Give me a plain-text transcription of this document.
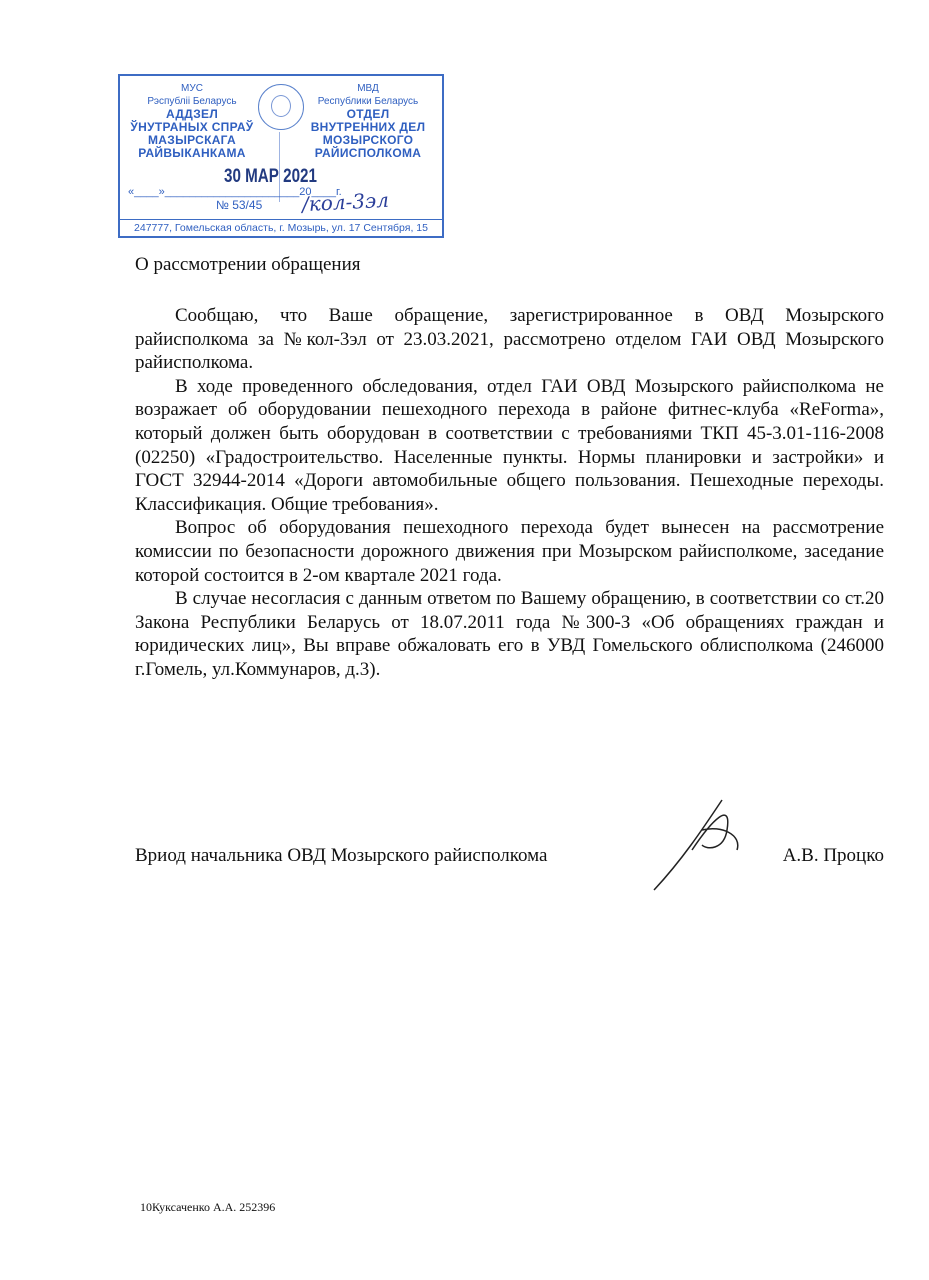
МУС
Рэспубліі Беларусь
АДДЗЕЛ
ЎНУТРАНЫХ СПРАЎ
МАЗЫРСКАГА
РАЙВЫКАНКАМА
МВД
Республики Беларусь
ОТДЕЛ
ВНУТРЕННИХ ДЕЛ
МОЗЫРСКОГО
РАЙИСПОЛКОМА
30 МАР 2021
«____»______________________20____г.
№ 53/45 /кол-3эл
247777, Гомельская область, г. Мозырь, ул. 17 Сентября, 15
О рассмотрении обращения

Сообщаю, что Ваше обращение, зарегистрированное в ОВД Мозырского райисполкома за №кол-3эл от 23.03.2021, рассмотрено отделом ГАИ ОВД Мозырского райисполкома.

В ходе проведенного обследования, отдел ГАИ ОВД Мозырского райисполкома не возражает об оборудовании пешеходного перехода в районе фитнес-клуба «ReForma», который должен быть оборудован в соответствии с требованиями ТКП 45-3.01-116-2008 (02250) «Градостроительство. Населенные пункты. Нормы планировки и застройки» и ГОСТ 32944-2014 «Дороги автомобильные общего пользования. Пешеходные переходы. Классификация. Общие требования».

Вопрос об оборудования пешеходного перехода будет вынесен на рассмотрение комиссии по безопасности дорожного движения при Мозырском райисполкоме, заседание которой состоится в 2-ом квартале 2021 года.

В случае несогласия с данным ответом по Вашему обращению, в соответствии со ст.20 Закона Республики Беларусь от 18.07.2011 года №300-З «Об обращениях граждан и юридических лиц», Вы вправе обжаловать его в УВД Гомельского облисполкома (246000 г.Гомель, ул.Коммунаров, д.3).

Вриод начальника ОВД Мозырского райисполкома	А.В. Процко
10Куксаченко А.А. 252396
